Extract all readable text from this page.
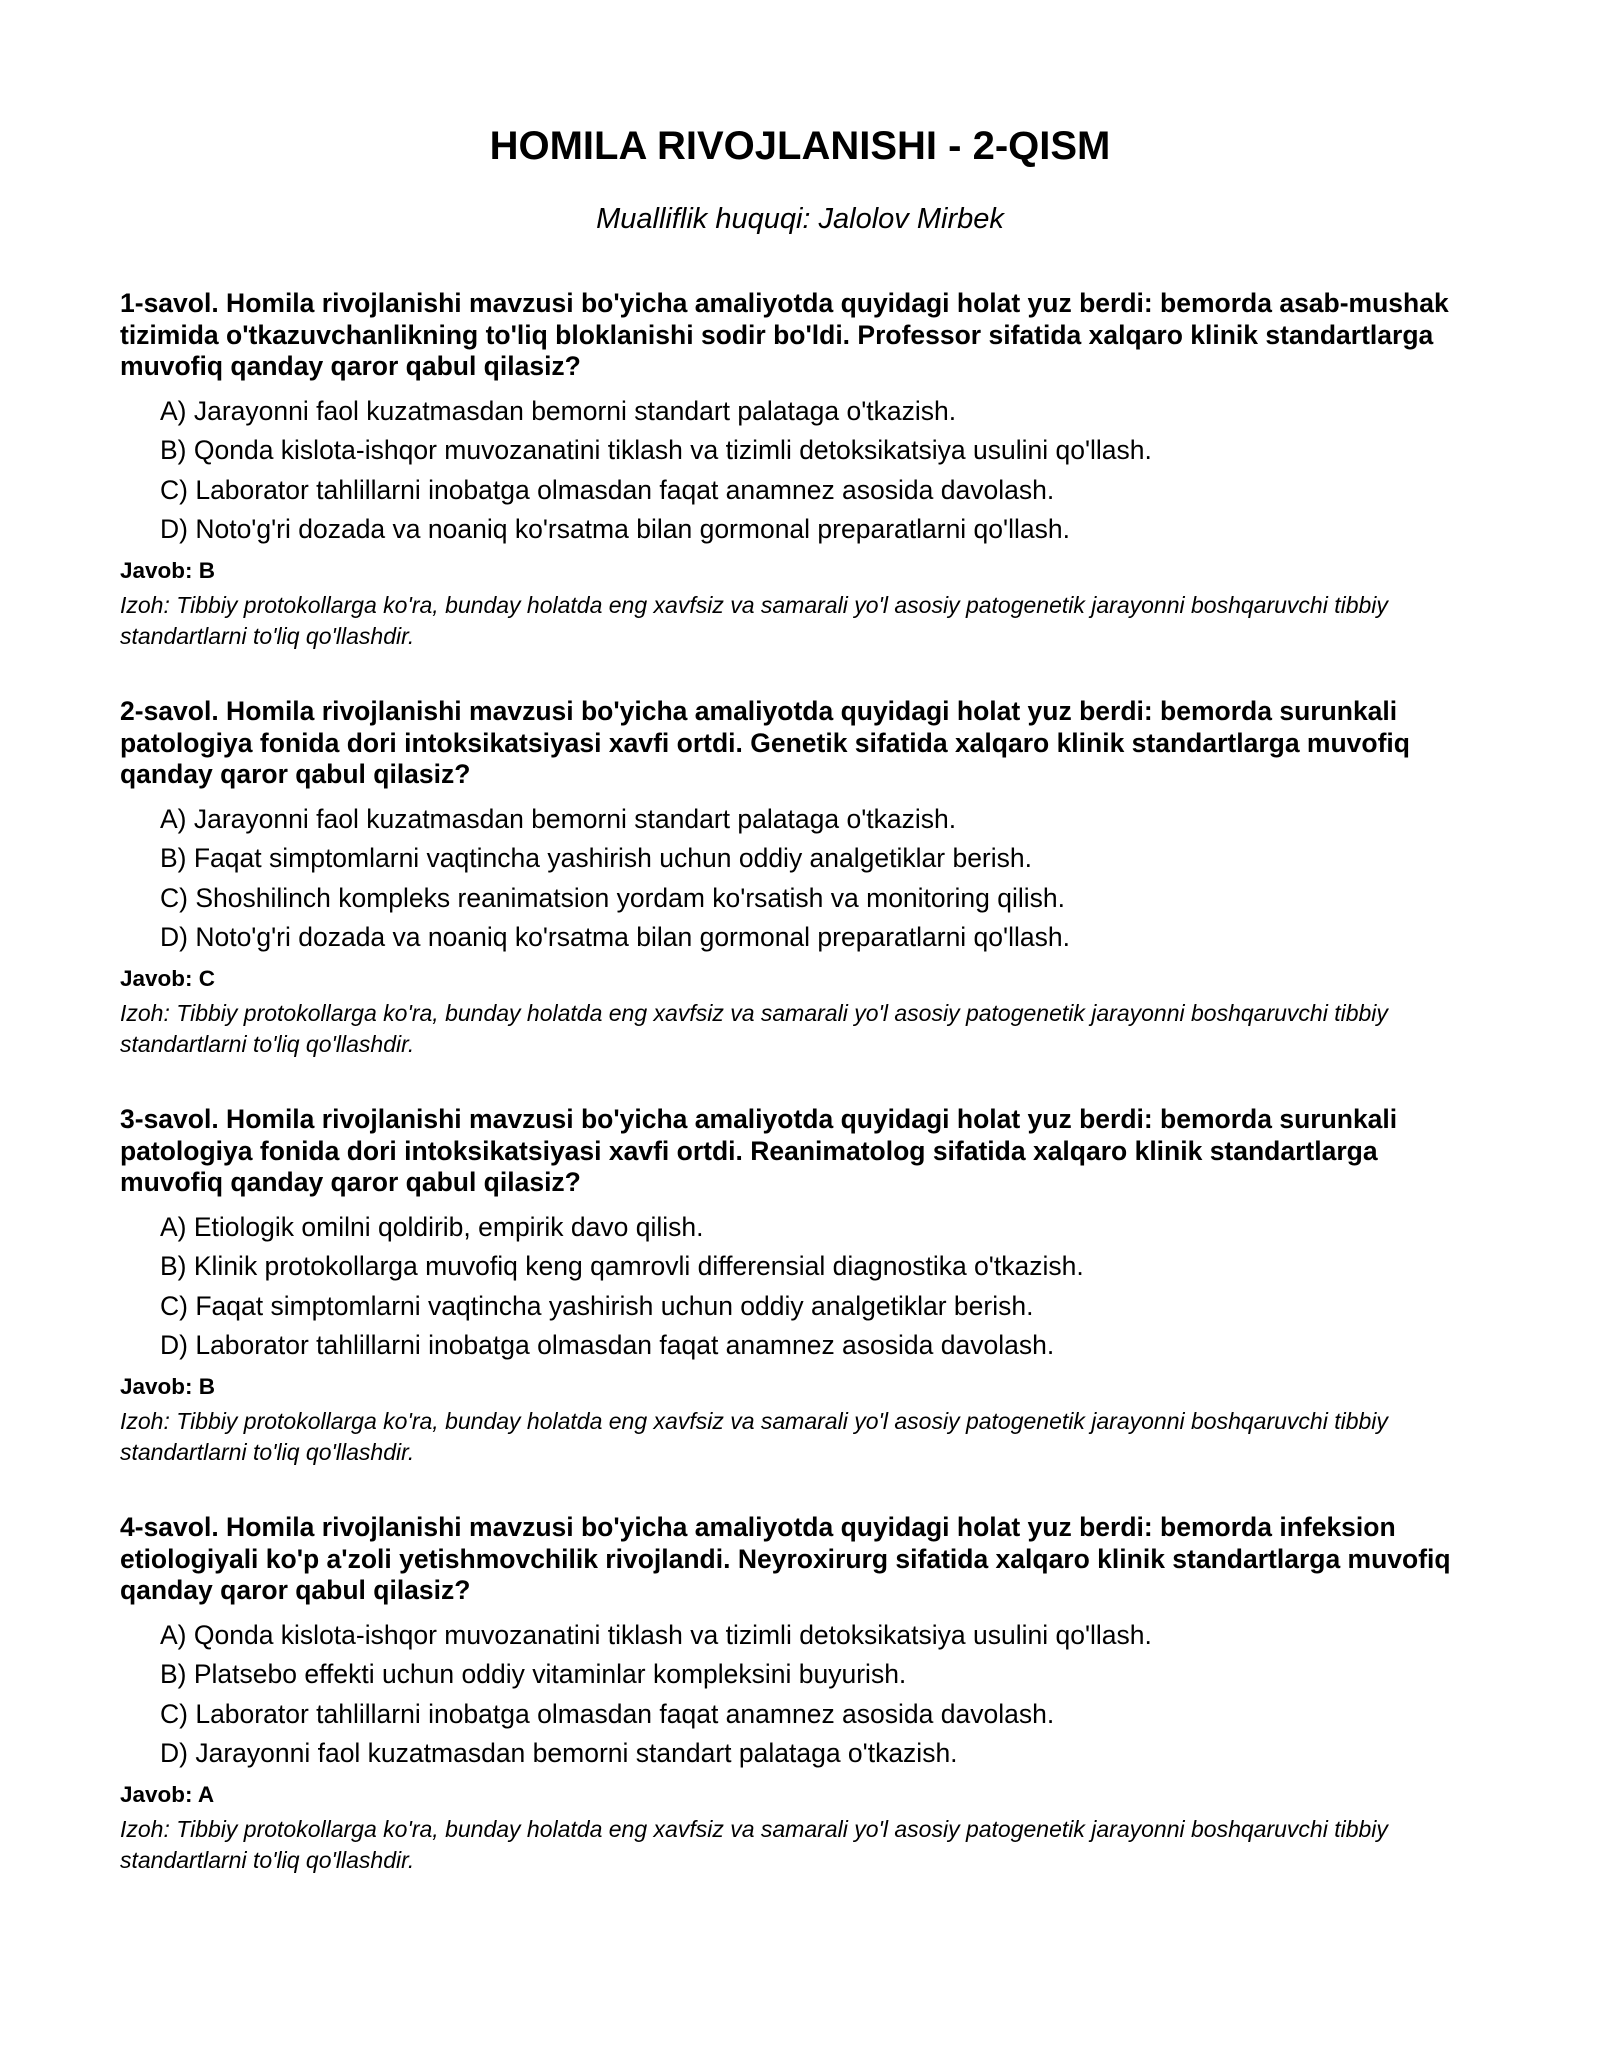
HOMILA RIVOJLANISHI - 2-QISM

Mualliflik huquqi: Jalolov Mirbek

1-savol. Homila rivojlanishi mavzusi bo'yicha amaliyotda quyidagi holat yuz berdi: bemorda asab-mushak tizimida o'tkazuvchanlikning to'liq bloklanishi sodir bo'ldi. Professor sifatida xalqaro klinik standartlarga muvofiq qanday qaror qabul qilasiz?

A) Jarayonni faol kuzatmasdan bemorni standart palataga o'tkazish.
B) Qonda kislota-ishqor muvozanatini tiklash va tizimli detoksikatsiya usulini qo'llash.
C) Laborator tahlillarni inobatga olmasdan faqat anamnez asosida davolash.
D) Noto'g'ri dozada va noaniq ko'rsatma bilan gormonal preparatlarni qo'llash.

Javob: B

Izoh: Tibbiy protokollarga ko'ra, bunday holatda eng xavfsiz va samarali yo'l asosiy patogenetik jarayonni boshqaruvchi tibbiy standartlarni to'liq qo'llashdir.

2-savol. Homila rivojlanishi mavzusi bo'yicha amaliyotda quyidagi holat yuz berdi: bemorda surunkali patologiya fonida dori intoksikatsiyasi xavfi ortdi. Genetik sifatida xalqaro klinik standartlarga muvofiq qanday qaror qabul qilasiz?

A) Jarayonni faol kuzatmasdan bemorni standart palataga o'tkazish.
B) Faqat simptomlarni vaqtincha yashirish uchun oddiy analgetiklar berish.
C) Shoshilinch kompleks reanimatsion yordam ko'rsatish va monitoring qilish.
D) Noto'g'ri dozada va noaniq ko'rsatma bilan gormonal preparatlarni qo'llash.

Javob: C

Izoh: Tibbiy protokollarga ko'ra, bunday holatda eng xavfsiz va samarali yo'l asosiy patogenetik jarayonni boshqaruvchi tibbiy standartlarni to'liq qo'llashdir.

3-savol. Homila rivojlanishi mavzusi bo'yicha amaliyotda quyidagi holat yuz berdi: bemorda surunkali patologiya fonida dori intoksikatsiyasi xavfi ortdi. Reanimatolog sifatida xalqaro klinik standartlarga muvofiq qanday qaror qabul qilasiz?

A) Etiologik omilni qoldirib, empirik davo qilish.
B) Klinik protokollarga muvofiq keng qamrovli differensial diagnostika o'tkazish.
C) Faqat simptomlarni vaqtincha yashirish uchun oddiy analgetiklar berish.
D) Laborator tahlillarni inobatga olmasdan faqat anamnez asosida davolash.

Javob: B

Izoh: Tibbiy protokollarga ko'ra, bunday holatda eng xavfsiz va samarali yo'l asosiy patogenetik jarayonni boshqaruvchi tibbiy standartlarni to'liq qo'llashdir.

4-savol. Homila rivojlanishi mavzusi bo'yicha amaliyotda quyidagi holat yuz berdi: bemorda infeksion etiologiyali ko'p a'zoli yetishmovchilik rivojlandi. Neyroxirurg sifatida xalqaro klinik standartlarga muvofiq qanday qaror qabul qilasiz?

A) Qonda kislota-ishqor muvozanatini tiklash va tizimli detoksikatsiya usulini qo'llash.
B) Platsebo effekti uchun oddiy vitaminlar kompleksini buyurish.
C) Laborator tahlillarni inobatga olmasdan faqat anamnez asosida davolash.
D) Jarayonni faol kuzatmasdan bemorni standart palataga o'tkazish.

Javob: A

Izoh: Tibbiy protokollarga ko'ra, bunday holatda eng xavfsiz va samarali yo'l asosiy patogenetik jarayonni boshqaruvchi tibbiy standartlarni to'liq qo'llashdir.
